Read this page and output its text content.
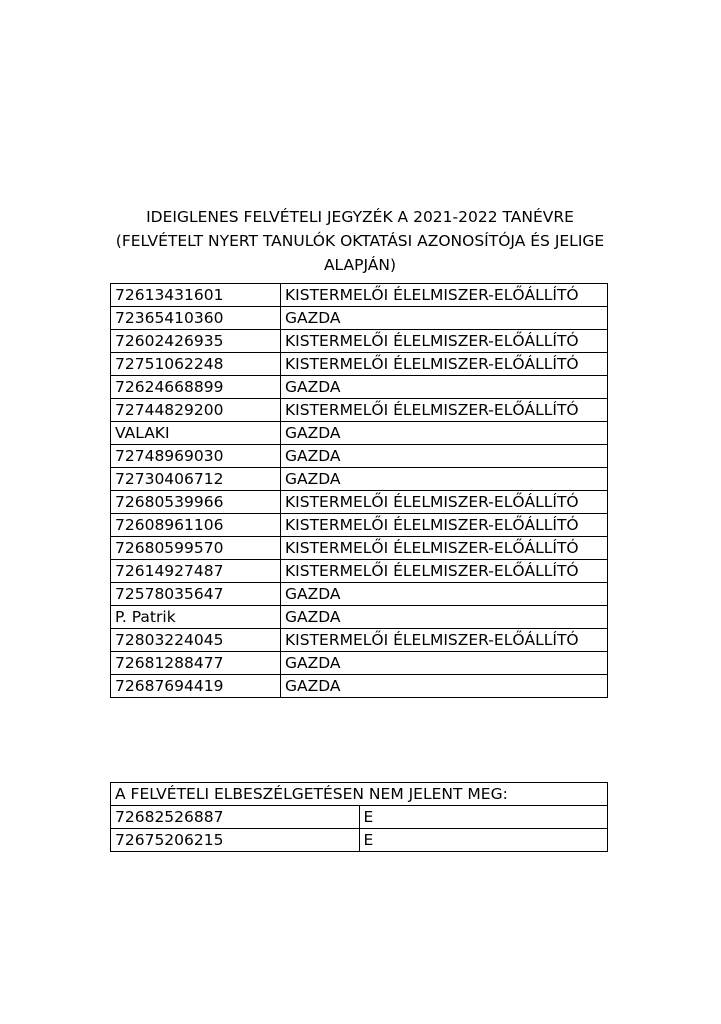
IDEIGLENES FELVÉTELI JEGYZÉK A 2021-2022 TANÉVRE
(FELVÉTELT NYERT TANULÓK OKTATÁSI AZONOSÍTÓJA ÉS JELIGE
ALAPJÁN)
72613431601	KISTERMELŐI ÉLELMISZER-ELŐÁLLÍTÓ
72365410360	GAZDA
72602426935	KISTERMELŐI ÉLELMISZER-ELŐÁLLÍTÓ
72751062248	KISTERMELŐI ÉLELMISZER-ELŐÁLLÍTÓ
72624668899	GAZDA
72744829200	KISTERMELŐI ÉLELMISZER-ELŐÁLLÍTÓ
VALAKI	GAZDA
72748969030	GAZDA
72730406712	GAZDA
72680539966	KISTERMELŐI ÉLELMISZER-ELŐÁLLÍTÓ
72608961106	KISTERMELŐI ÉLELMISZER-ELŐÁLLÍTÓ
72680599570	KISTERMELŐI ÉLELMISZER-ELŐÁLLÍTÓ
72614927487	KISTERMELŐI ÉLELMISZER-ELŐÁLLÍTÓ
72578035647	GAZDA
P. Patrik	GAZDA
72803224045	KISTERMELŐI ÉLELMISZER-ELŐÁLLÍTÓ
72681288477	GAZDA
72687694419	GAZDA
A FELVÉTELI ELBESZÉLGETÉSEN NEM JELENT MEG:	
72682526887	E
72675206215	E
